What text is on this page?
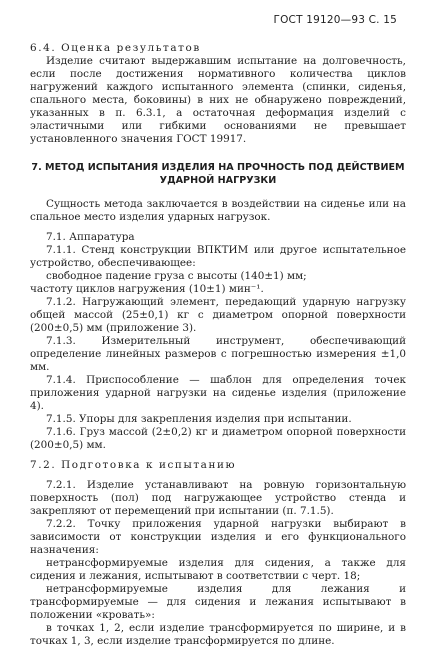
ГОСТ 19120—93 С. 15

6.4. Оценка результатов

Изделие считают выдержавшим испытание на долговечность, если после достижения нормативного количества циклов нагружений каждого испытанного элемента (спинки, сиденья, спального места, боковины) в них не обнаружено повреждений, указанных в п. 6.3.1, а остаточная деформация изделий с эластичными или гибкими основаниями не превышает установленного значения ГОСТ 19917.

7. МЕТОД ИСПЫТАНИЯ ИЗДЕЛИЯ НА ПРОЧНОСТЬ ПОД ДЕЙСТВИЕМ

УДАРНОЙ НАГРУЗКИ

Сущность метода заключается в воздействии на сиденье или на спальное место изделия ударных нагрузок.

7.1. Аппаратура

7.1.1. Стенд конструкции ВПКТИМ или другое испытательное устройство, обеспечивающее:

свободное падение груза с высоты (140±1) мм;

частоту циклов нагружения (10±1) мин⁻¹.

7.1.2. Нагружающий элемент, передающий ударную нагрузку общей массой (25±0,1) кг с диаметром опорной поверхности (200±0,5) мм (приложение 3).

7.1.3. Измерительный инструмент, обеспечивающий определение линейных размеров с погрешностью измерения ±1,0 мм.

7.1.4. Приспособление — шаблон для определения точек приложения ударной нагрузки на сиденье изделия (приложение 4).

7.1.5. Упоры для закрепления изделия при испытании.

7.1.6. Груз массой (2±0,2) кг и диаметром опорной поверхности (200±0,5) мм.

7.2. Подготовка к испытанию

7.2.1. Изделие устанавливают на ровную горизонтальную поверхность (пол) под нагружающее устройство стенда и закрепляют от перемещений при испытании (п. 7.1.5).

7.2.2. Точку приложения ударной нагрузки выбирают в зависимости от конструкции изделия и его функционального назначения:

нетрансформируемые изделия для сидения, а также для сидения и лежания, испытывают в соответствии с черт. 18;

нетрансформируемые изделия для лежания и трансформируемые — для сидения и лежания испытывают в положении «кровать»:

в точках 1, 2, если изделие трансформируется по ширине, и в точках 1, 3, если изделие трансформируется по длине.
